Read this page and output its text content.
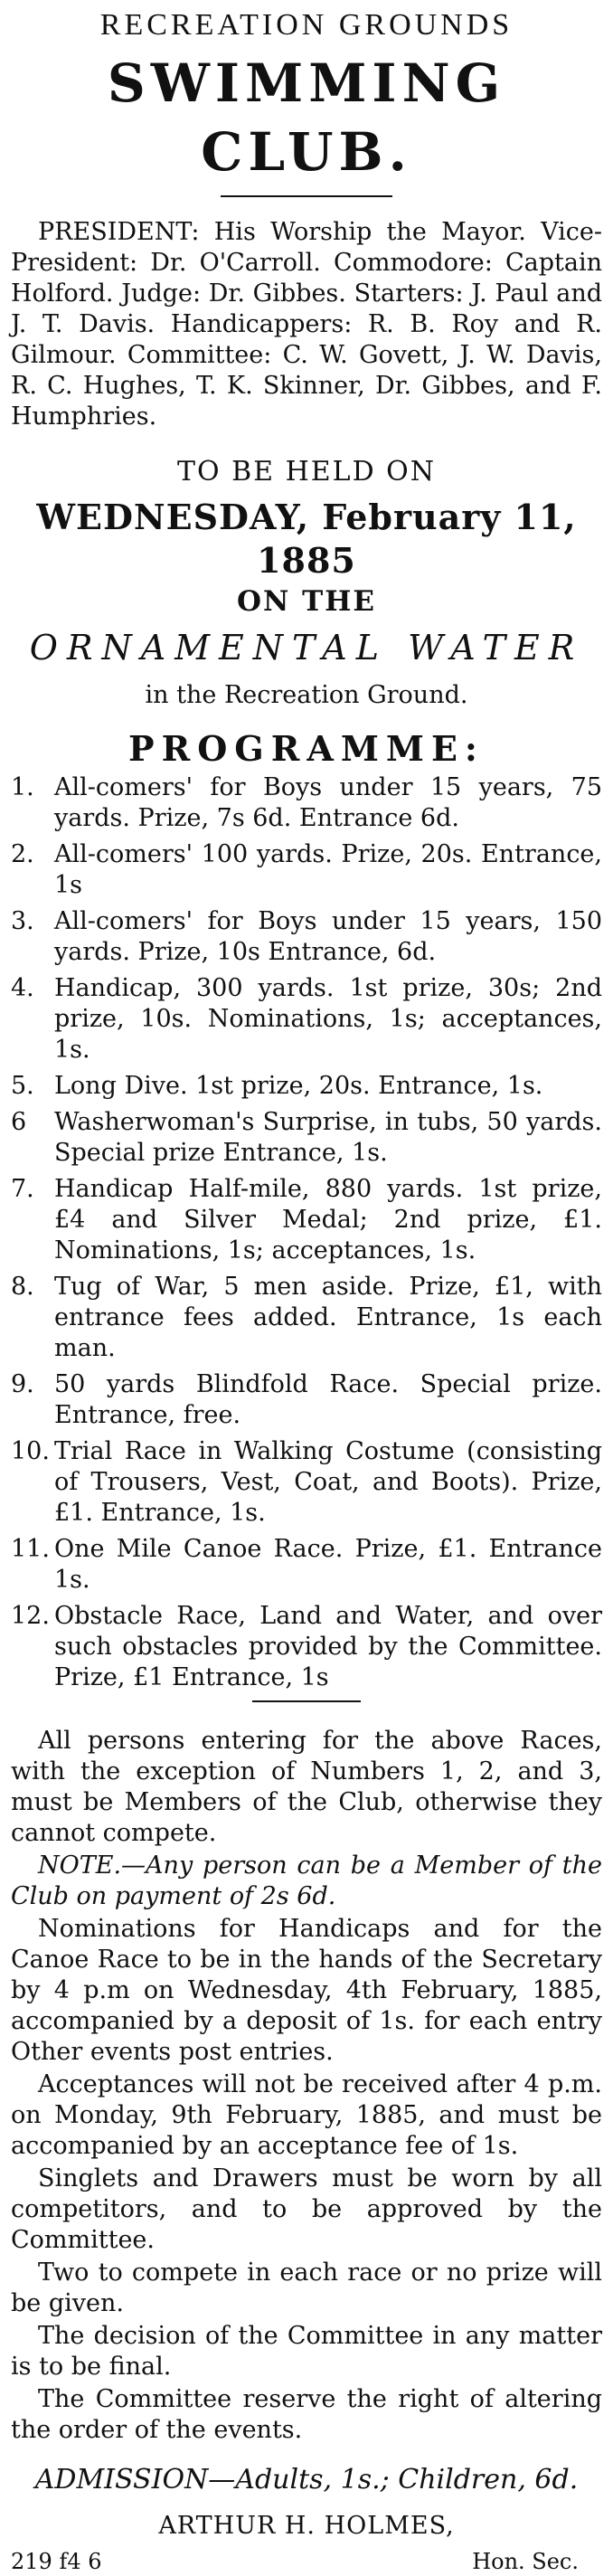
RECREATION GROUNDS
SWIMMING CLUB.

PRESIDENT: His Worship the Mayor. Vice-President: Dr. O'Carroll. Commodore: Captain Holford. Judge: Dr. Gibbes. Starters: J. Paul and J. T. Davis. Handicappers: R. B. Roy and R. Gilmour. Committee: C. W. Govett, J. W. Davis, R. C. Hughes, T. K. Skinner, Dr. Gibbes, and F. Humphries.

TO BE HELD ON
WEDNESDAY, February 11, 1885
ON THE
ORNAMENTAL WATER
in the Recreation Ground.
PROGRAMME:
1. All-comers' for Boys under 15 years, 75 yards. Prize, 7s 6d. Entrance 6d.
2. All-comers' 100 yards. Prize, 20s. Entrance, 1s
3. All-comers' for Boys under 15 years, 150 yards. Prize, 10s Entrance, 6d.
4. Handicap, 300 yards. 1st prize, 30s; 2nd prize, 10s. Nominations, 1s; acceptances, 1s.
5. Long Dive. 1st prize, 20s. Entrance, 1s.
6	Washerwoman's Surprise, in tubs, 50 yards. Special prize Entrance, 1s.
7. Handicap Half-mile, 880 yards. 1st prize, £4 and Silver Medal; 2nd prize, £1. Nominations, 1s; acceptances, 1s.
8. Tug of War, 5 men aside. Prize, £1, with entrance fees added. Entrance, 1s each man.
9. 50 yards Blindfold Race. Special prize. Entrance, free.
10. Trial Race in Walking Costume (consisting of Trousers, Vest, Coat, and Boots). Prize, £1. Entrance, 1s.
11. One Mile Canoe Race. Prize, £1. Entrance 1s.
12. Obstacle Race, Land and Water, and over such obstacles provided by the Committee. Prize, £1 Entrance, 1s

All persons entering for the above Races, with the exception of Numbers 1, 2, and 3, must be Members of the Club, otherwise they cannot compete.

NOTE.—Any person can be a Member of the Club on payment of 2s 6d.

Nominations for Handicaps and for the Canoe Race to be in the hands of the Secretary by 4 p.m on Wednesday, 4th February, 1885, accompanied by a deposit of 1s. for each entry Other events post entries.

Acceptances will not be received after 4 p.m. on Monday, 9th February, 1885, and must be accompanied by an acceptance fee of 1s.

Singlets and Drawers must be worn by all competitors, and to be approved by the Committee.

Two to compete in each race or no prize will be given.

The decision of the Committee in any matter is to be final.

The Committee reserve the right of altering the order of the events.

ADMISSION—Adults, 1s.; Children, 6d.
ARTHUR H. HOLMES,
219 f4 6	Hon. Sec.
